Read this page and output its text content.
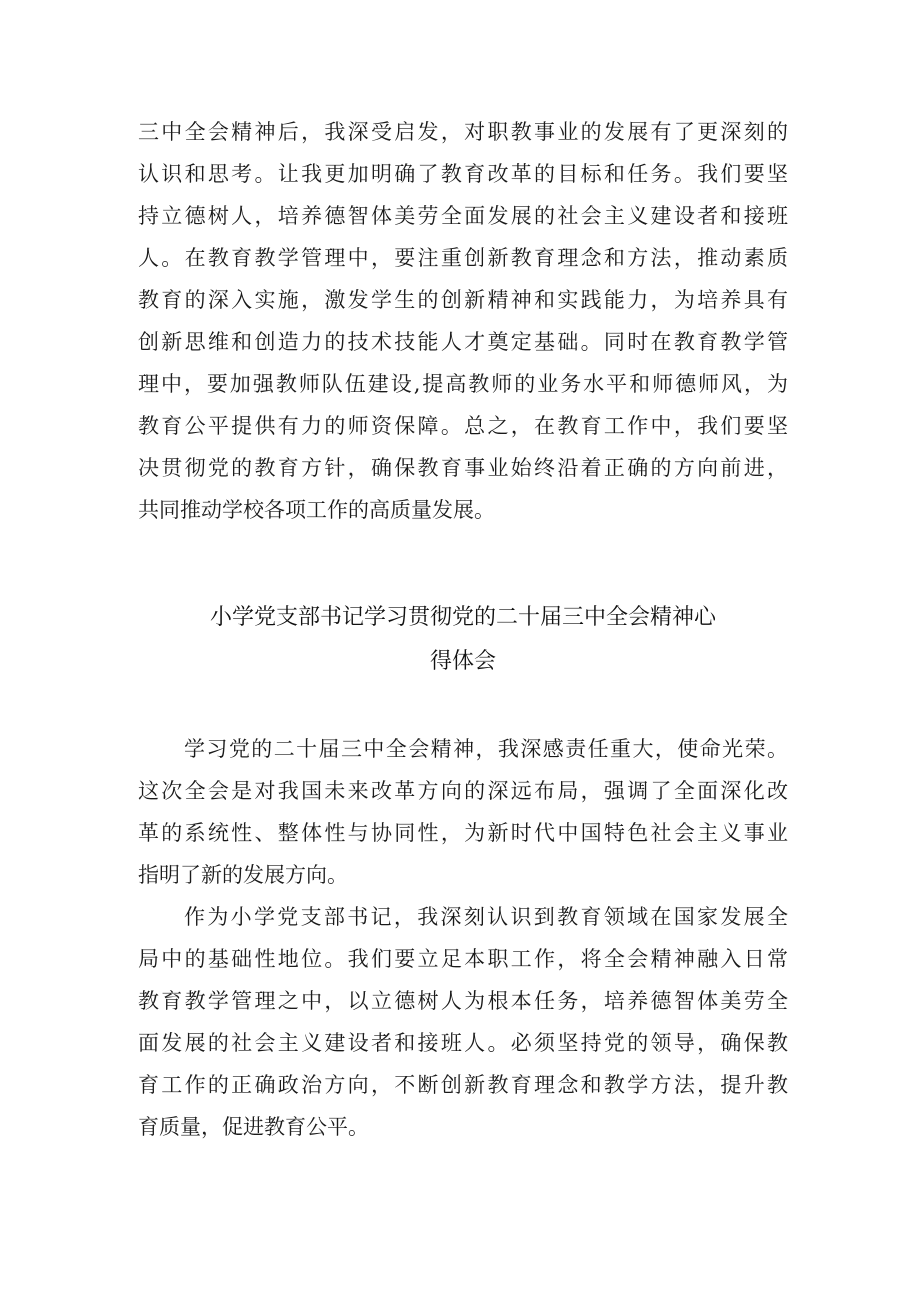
三中全会精神后，我深受启发，对职教事业的发展有了更深刻的

认识和思考。让我更加明确了教育改革的目标和任务。我们要坚

持立德树人，培养德智体美劳全面发展的社会主义建设者和接班

人。在教育教学管理中，要注重创新教育理念和方法，推动素质

教育的深入实施，激发学生的创新精神和实践能力，为培养具有

创新思维和创造力的技术技能人才奠定基础。同时在教育教学管

理中，要加强教师队伍建设,提高教师的业务水平和师德师风，为

教育公平提供有力的师资保障。总之，在教育工作中，我们要坚

决贯彻党的教育方针，确保教育事业始终沿着正确的方向前进，

共同推动学校各项工作的高质量发展。

小学党支部书记学习贯彻党的二十届三中全会精神心

得体会

学习党的二十届三中全会精神，我深感责任重大，使命光荣。

这次全会是对我国未来改革方向的深远布局，强调了全面深化改

革的系统性、整体性与协同性，为新时代中国特色社会主义事业

指明了新的发展方向。

作为小学党支部书记，我深刻认识到教育领域在国家发展全

局中的基础性地位。我们要立足本职工作，将全会精神融入日常

教育教学管理之中，以立德树人为根本任务，培养德智体美劳全

面发展的社会主义建设者和接班人。必须坚持党的领导，确保教

育工作的正确政治方向，不断创新教育理念和教学方法，提升教

育质量，促进教育公平。
